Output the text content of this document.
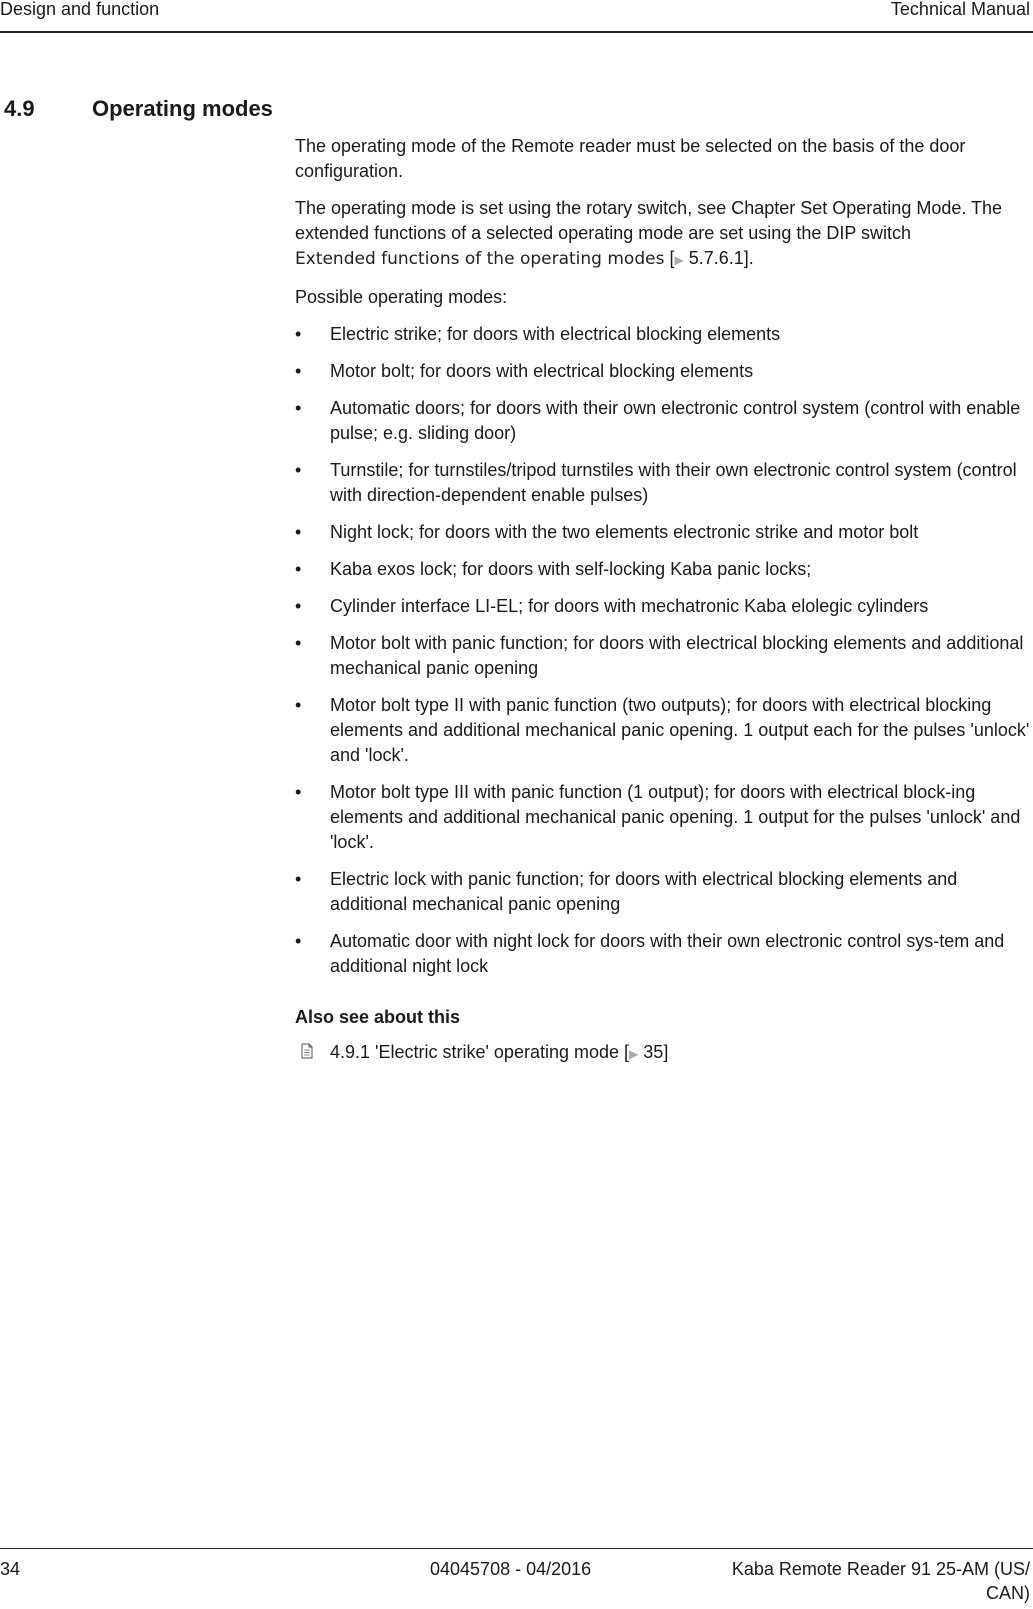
Design and function	Technical Manual
4.9	Operating modes

The operating mode of the Remote reader must be selected on the basis of the door configuration.

The operating mode is set using the rotary switch, see Chapter Set Operating Mode. The extended functions of a selected operating mode are set using the DIP switch
Extended functions of the operating modes [▶ 5.7.6.1].

Possible operating modes:

• Electric strike; for doors with electrical blocking elements
• Motor bolt; for doors with electrical blocking elements
• Automatic doors; for doors with their own electronic control system (control with enable pulse; e.g. sliding door)
• Turnstile; for turnstiles/tripod turnstiles with their own electronic control system (control with direction-dependent enable pulses)
• Night lock; for doors with the two elements electronic strike and motor bolt
• Kaba exos lock; for doors with self-locking Kaba panic locks;
• Cylinder interface LI-EL; for doors with mechatronic Kaba elolegic cylinders
• Motor bolt with panic function; for doors with electrical blocking elements and additional mechanical panic opening
• Motor bolt type II with panic function (two outputs); for doors with electrical blocking elements and additional mechanical panic opening. 1 output each for the pulses 'unlock' and 'lock'.
• Motor bolt type III with panic function (1 output); for doors with electrical block-ing elements and additional mechanical panic opening. 1 output for the pulses 'unlock' and 'lock'.
• Electric lock with panic function; for doors with electrical blocking elements and additional mechanical panic opening
• Automatic door with night lock for doors with their own electronic control sys-tem and additional night lock
Also see about this
4.9.1 'Electric strike' operating mode [▶ 35]
34	04045708 - 04/2016	Kaba Remote Reader 91 25-AM (US/ CAN)
